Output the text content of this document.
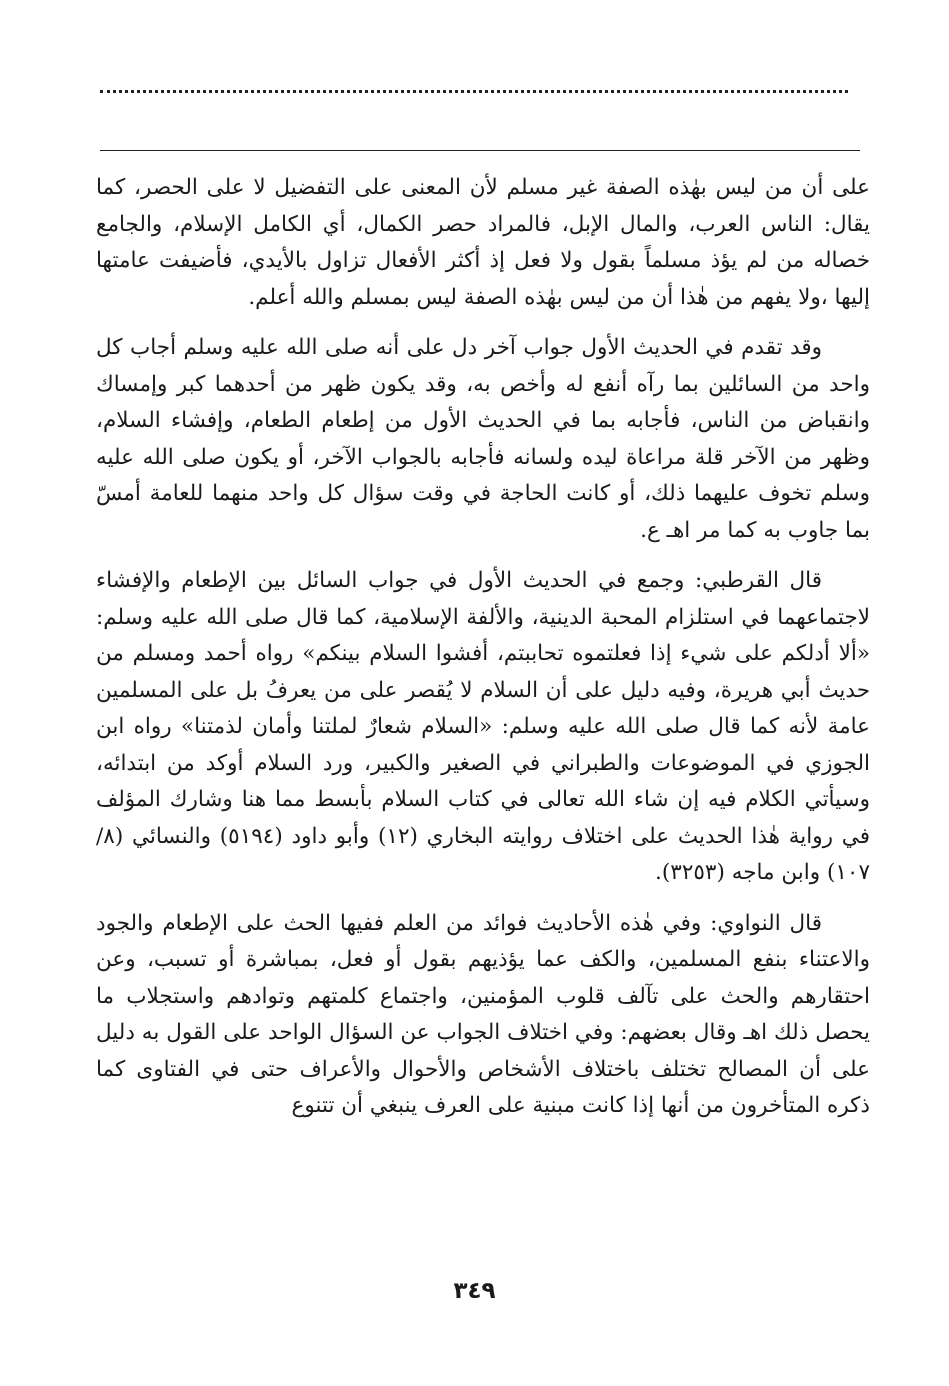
على أن من ليس بهٰذه الصفة غير مسلم لأن المعنى على التفضيل لا على الحصر، كما يقال: الناس العرب، والمال الإبل، فالمراد حصر الكمال، أي الكامل الإسلام، والجامع خصاله من لم يؤذ مسلماً بقول ولا فعل إذ أكثر الأفعال تزاول بالأيدي، فأضيفت عامتها إليها ،ولا يفهم من هٰذا أن من ليس بهٰذه الصفة ليس بمسلم والله أعلم.

وقد تقدم في الحديث الأول جواب آخر دل على أنه صلى الله عليه وسلم أجاب كل واحد من السائلين بما رآه أنفع له وأخص به، وقد يكون ظهر من أحدهما كبر وإمساك وانقباض من الناس، فأجابه بما في الحديث الأول من إطعام الطعام، وإفشاء السلام، وظهر من الآخر قلة مراعاة ليده ولسانه فأجابه بالجواب الآخر، أو يكون صلى الله عليه وسلم تخوف عليهما ذلك، أو كانت الحاجة في وقت سؤال كل واحد منهما للعامة أمسّ بما جاوب به كما مر اهـ ع.

قال القرطبي: وجمع في الحديث الأول في جواب السائل بين الإطعام والإفشاء لاجتماعهما في استلزام المحبة الدينية، والألفة الإسلامية، كما قال صلى الله عليه وسلم: «ألا أدلكم على شيء إذا فعلتموه تحاببتم، أفشوا السلام بينكم» رواه أحمد ومسلم من حديث أبي هريرة، وفيه دليل على أن السلام لا يُقصر على من يعرفُ بل على المسلمين عامة لأنه كما قال صلى الله عليه وسلم: «السلام شعارٌ لملتنا وأمان لذمتنا» رواه ابن الجوزي في الموضوعات والطبراني في الصغير والكبير، ورد السلام أوكد من ابتدائه، وسيأتي الكلام فيه إن شاء الله تعالى في كتاب السلام بأبسط مما هنا وشارك المؤلف في رواية هٰذا الحديث على اختلاف روايته البخاري (١٢) وأبو داود (٥١٩٤) والنسائي (٨/ ١٠٧) وابن ماجه (٣٢٥٣).

قال النواوي: وفي هٰذه الأحاديث فوائد من العلم ففيها الحث على الإطعام والجود والاعتناء بنفع المسلمين، والكف عما يؤذيهم بقول أو فعل، بمباشرة أو تسبب، وعن احتقارهم والحث على تآلف قلوب المؤمنين، واجتماع كلمتهم وتوادهم واستجلاب ما يحصل ذلك اهـ وقال بعضهم: وفي اختلاف الجواب عن السؤال الواحد على القول به دليل على أن المصالح تختلف باختلاف الأشخاص والأحوال والأعراف حتى في الفتاوى كما ذكره المتأخرون من أنها إذا كانت مبنية على العرف ينبغي أن تتنوع

٣٤٩
